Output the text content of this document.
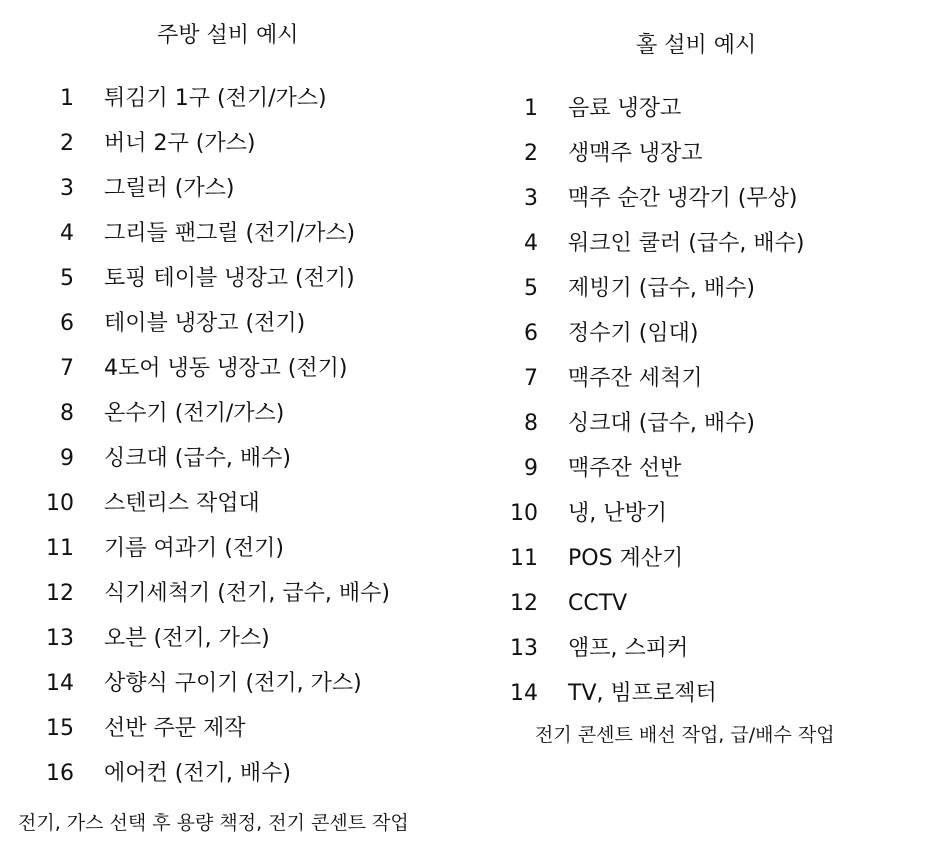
주방 설비 예시
1 튀김기 1구 (전기/가스)
2 버너 2구 (가스)
3 그릴러 (가스)
4 그리들 팬그릴 (전기/가스)
5 토핑 테이블 냉장고 (전기)
6 테이블 냉장고 (전기)
7 4도어 냉동 냉장고 (전기)
8 온수기 (전기/가스)
9 싱크대 (급수, 배수)
10 스텐리스 작업대
11 기름 여과기 (전기)
12 식기세척기 (전기, 급수, 배수)
13 오븐 (전기, 가스)
14 상향식 구이기 (전기, 가스)
15 선반 주문 제작
16 에어컨 (전기, 배수)
전기, 가스 선택 후 용량 책정, 전기 콘센트 작업
홀 설비 예시
1 음료 냉장고
2 생맥주 냉장고
3 맥주 순간 냉각기 (무상)
4 워크인 쿨러 (급수, 배수)
5 제빙기 (급수, 배수)
6 정수기 (임대)
7 맥주잔 세척기
8 싱크대 (급수, 배수)
9 맥주잔 선반
10 냉, 난방기
11 POS 계산기
12 CCTV
13 앰프, 스피커
14 TV, 빔프로젝터
전기 콘센트 배선 작업, 급/배수 작업
